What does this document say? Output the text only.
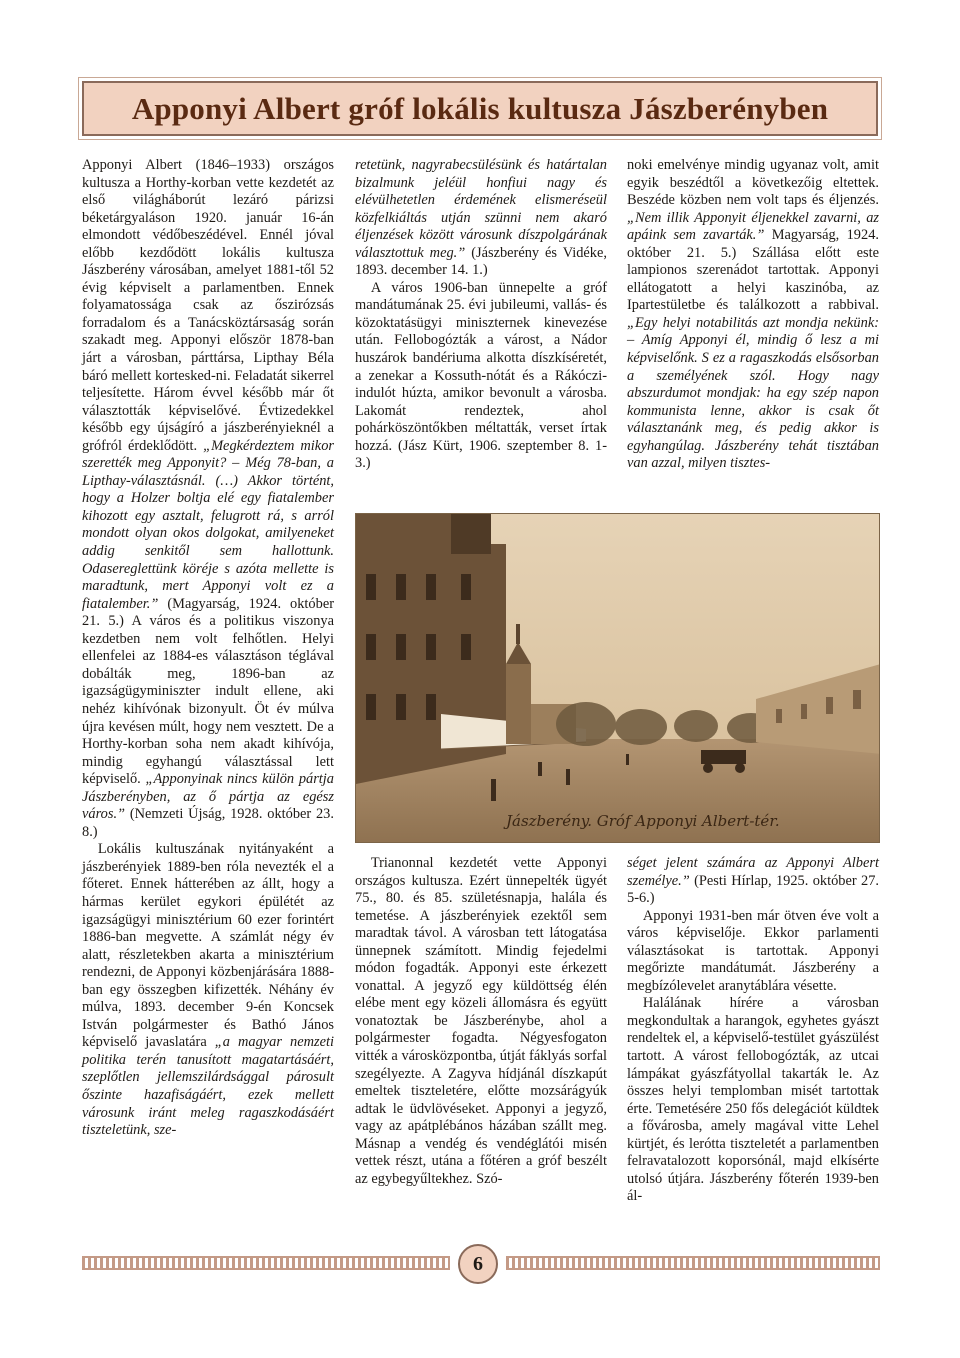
Apponyi Albert gróf lokális kultusza Jászberényben

Apponyi Albert (1846–1933) országos kultusza a Horthy-korban vette kezdetét az első világháborút lezáró párizsi béketárgyaláson 1920. január 16-án elmondott védőbeszédével. Ennél jóval előbb kezdődött lokális kultusza Jászberény városában, amelyet 1881-től 52 évig képviselt a parlamentben. Ennek folyamatossága csak az őszirózsás forradalom és a Tanácsköztársaság során szakadt meg. Apponyi először 1878-ban járt a városban, párttársa, Lipthay Béla báró mellett kortesked-ni. Feladatát sikerrel teljesítette. Három évvel később már őt választották képviselővé. Évtizedekkel később egy újságíró a jászberényieknél a grófról érdeklődött. „Megkérdeztem mikor szerették meg Apponyit? – Még 78-ban, a Lipthay-választásnál. (…) Akkor történt, hogy a Holzer boltja elé egy fiatalember kihozott egy asztalt, felugrott rá, s arról mondott olyan okos dolgokat, amilyeneket addig senkitől sem hallottunk. Odasereglettünk köréje s azóta mellette is maradtunk, mert Apponyi volt ez a fiatalember.” (Magyarság, 1924. október 21. 5.) A város és a politikus viszonya kezdetben nem volt felhőtlen. Helyi ellenfelei az 1884-es választáson téglával dobálták meg, 1896-ban az igazságügyminiszter indult ellene, aki nehéz kihívónak bizonyult. Öt év múlva újra kevésen múlt, hogy nem vesztett. De a Horthy-korban soha nem akadt kihívója, mindig egyhangú választással lett képviselő. „Apponyinak nincs külön pártja Jászberényben, az ő pártja az egész város.” (Nemzeti Újság, 1928. október 23. 8.)

Lokális kultuszának nyitányaként a jászberényiek 1889-ben róla nevezték el a főteret. Ennek hátterében az állt, hogy a hármas kerület egykori épülétét az igazságügyi minisztérium 60 ezer forintért 1886-ban megvette. A számlát négy év alatt, részletekben akarta a minisztérium rendezni, de Apponyi közbenjárására 1888-ban egy összegben kifizették. Néhány év múlva, 1893. december 9-én Koncsek István polgármester és Bathó János képviselő javaslatára „a magyar nemzeti politika terén tanusított magatartásáért, szeplőtlen jellemszilárdsággal párosult őszinte hazafiságáért, ezek mellett városunk iránt meleg ragaszkodásáért tiszteletünk, sze-

retetünk, nagyrabecsülésünk és határtalan bizalmunk jeléül honfiui nagy és elévülhetetlen érdemének elismeréseül közfelkiáltás utján szünni nem akaró éljenzések között városunk díszpolgárának választottuk meg.” (Jászberény és Vidéke, 1893. december 14. 1.)

A város 1906-ban ünnepelte a gróf mandátumának 25. évi jubileumi, vallás- és közoktatásügyi miniszternek kinevezése után. Fellobogózták a várost, a Nádor huszárok bandériuma alkotta díszkíséretét, a zenekar a Kossuth-nótát és a Rákóczi-indulót húzta, amikor bevonult a városba. Lakomát rendeztek, ahol pohárköszöntőkben méltatták, verset írtak hozzá. (Jász Kürt, 1906. szeptember 8. 1-3.)

noki emelvénye mindig ugyanaz volt, amit egyik beszédtől a következőig eltettek. Beszéde közben nem volt taps és éljenzés. „Nem illik Apponyit éljenekkel zavarni, az apáink sem zavarták.” Magyarság, 1924. október 21. 5.) Szállása előtt este lampionos szerenádot tartottak. Apponyi ellátogatott a helyi kaszinóba, az Ipartestületbe és találkozott a rabbival. „Egy helyi notabilitás azt mondja nekünk: – Amíg Apponyi él, mindig ő lesz a mi képviselőnk. S ez a ragaszkodás elsősorban a személyének szól. Hogy nagy abszurdumot mondjak: ha egy szép napon kommunista lenne, akkor is csak őt választanánk meg, és pedig akkor is egyhangúlag. Jászberény tehát tisztában van azzal, milyen tisztes-

Jászberény. Gróf Apponyi Albert-tér.

Trianonnal kezdetét vette Apponyi országos kultusza. Ezért ünnepelték ügyét 75., 80. és 85. születésnapja, halála és temetése. A jászberényiek ezektől sem maradtak távol. A városban tett látogatása ünnepnek számított. Mindig fejedelmi módon fogadták. Apponyi este érkezett vonattal. A jegyző egy küldöttség élén elébe ment egy közeli állomásra és együtt vonatoztak be Jászberénybe, ahol a polgármester fogadta. Négyesfogaton vitték a városközpontba, útját fáklyás sorfal szegélyezte. A Zagyva hídjánál díszkapút emeltek tiszteletére, előtte mozsárágyúk adtak le üdvlövéseket. Apponyi a jegyző, vagy az apátplébános házában szállt meg. Másnap a vendég és vendéglátói misén vettek részt, utána a főtéren a gróf beszélt az egybegyűltekhez. Szó-

séget jelent számára az Apponyi Albert személye.” (Pesti Hírlap, 1925. október 27. 5-6.)

Apponyi 1931-ben már ötven éve volt a város képviselője. Ekkor parlamenti választásokat is tartottak. Apponyi megőrizte mandátumát. Jászberény a megbízólevelet aranytáblára vésette.

Halálának hírére a városban megkondultak a harangok, egyhetes gyászt rendeltek el, a képviselő-testület gyászülést tartott. A várost fellobogózták, az utcai lámpákat gyászfátyollal takarták le. Az összes helyi templomban misét tartottak érte. Temetésére 250 fős delegációt küldtek a fővárosba, amely magával vitte Lehel kürtjét, és lerótta tiszteletét a parlamentben felravatalozott koporsónál, majd elkísérte utolsó útjára. Jászberény főterén 1939-ben ál-

6
